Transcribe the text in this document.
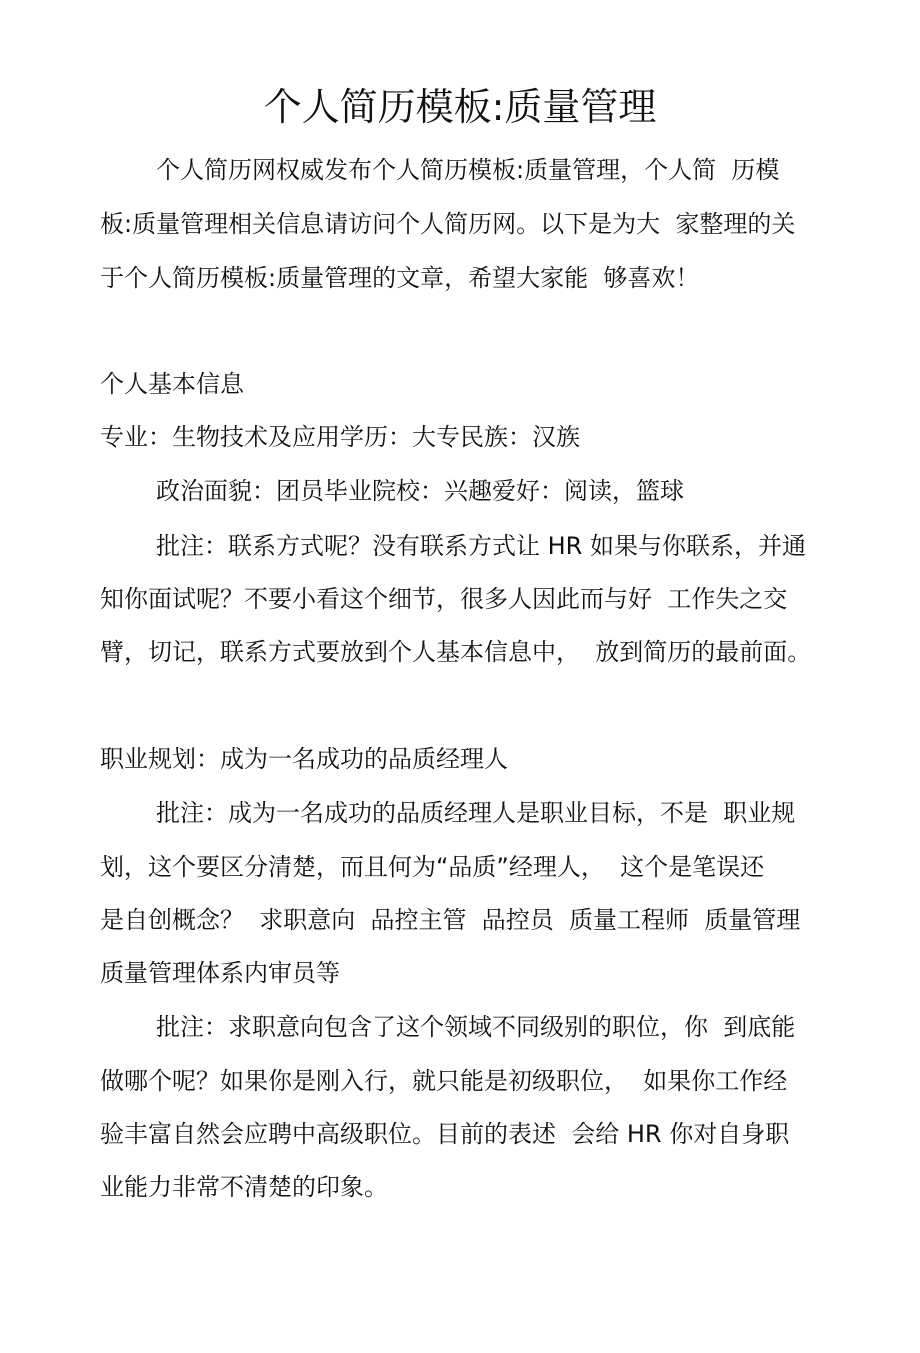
个人简历模板:质量管理

个人简历网权威发布个人简历模板:质量管理，个人简  历模

板:质量管理相关信息请访问个人简历网。以下是为大  家整理的关

于个人简历模板:质量管理的文章，希望大家能  够喜欢！

个人基本信息

专业：生物技术及应用学历：大专民族：汉族

政治面貌：团员毕业院校：兴趣爱好：阅读，篮球

批注：联系方式呢？没有联系方式让 HR 如果与你联系，并通

知你面试呢？不要小看这个细节，很多人因此而与好  工作失之交

臂，切记，联系方式要放到个人基本信息中，  放到简历的最前面。

职业规划：成为一名成功的品质经理人

批注：成为一名成功的品质经理人是职业目标，不是  职业规

划，这个要区分清楚，而且何为“品质”经理人，  这个是笔误还

是自创概念？  求职意向  品控主管  品控员  质量工程师  质量管理

质量管理体系内审员等

批注：求职意向包含了这个领域不同级别的职位，你  到底能

做哪个呢？如果你是刚入行，就只能是初级职位，  如果你工作经

验丰富自然会应聘中高级职位。目前的表述  会给 HR 你对自身职

业能力非常不清楚的印象。
